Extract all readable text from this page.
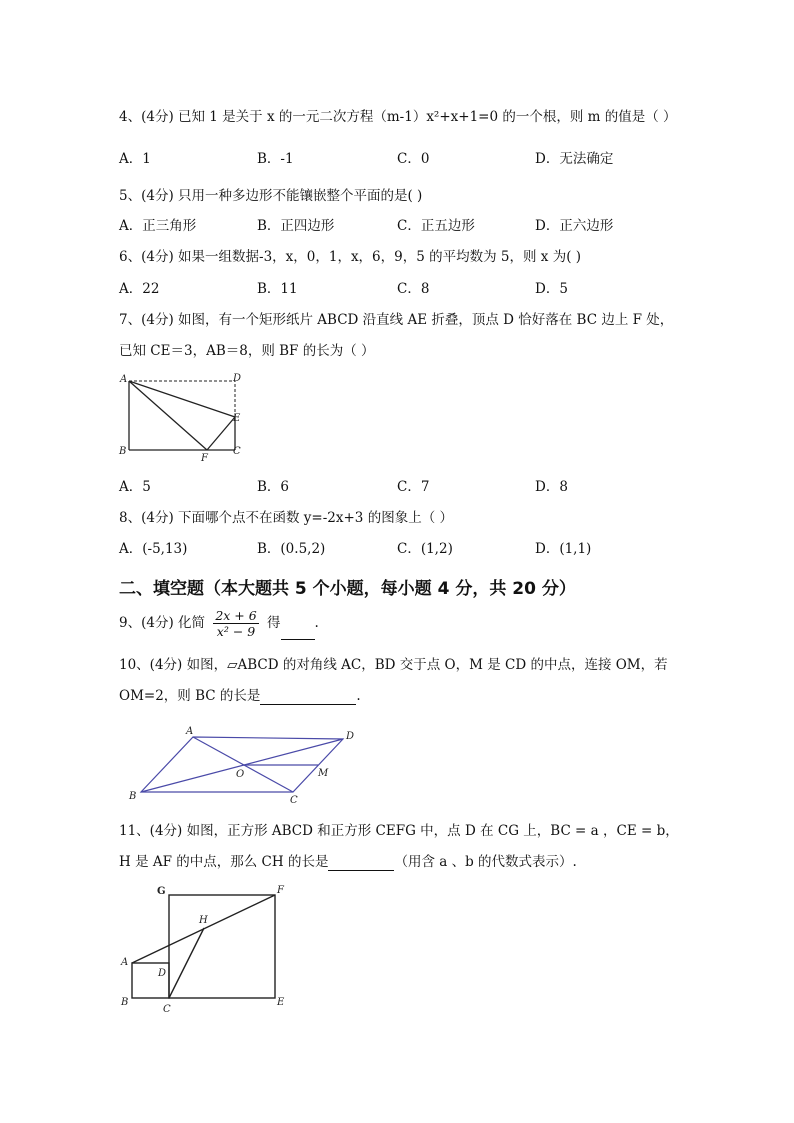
4、(4分) 已知 1 是关于 x 的一元二次方程（m-1）x²+x+1=0 的一个根，则 m 的值是（ ）
A．1	B．-1	C．0	D．无法确定
5、(4分) 只用一种多边形不能镶嵌整个平面的是( )
A．正三角形	B．正四边形	C．正五边形	D．正六边形
6、(4分) 如果一组数据-3，x，0，1，x，6，9，5 的平均数为 5，则 x 为( )
A．22	B．11	C．8	D．5
7、(4分) 如图，有一个矩形纸片 ABCD 沿直线 AE 折叠，顶点 D 恰好落在 BC 边上 F 处，
已知 CE＝3，AB＝8，则 BF 的长为（ ）
A	D
E
B
F
C
A．5	B．6	C．7	D．8
8、(4分) 下面哪个点不在函数 y=-2x+3 的图象上（ ）
A．(-5,13)	B．(0.5,2)	C．(1,2)	D．(1,1)
二、填空题（本大题共 5 个小题，每小题 4 分，共 20 分）
9、(4分) 化简 $\frac{2x + 6}{\text{x² − 9}}$ 得	.
10、(4分) 如图，▱ABCD 的对角线 AC，BD 交于点 O，M 是 CD 的中点，连接 OM，若
OM=2，则 BC 的长是	.
A	D
O	M
B	C
11、(4分) 如图，正方形 ABCD 和正方形 CEFG 中，点 D 在 CG 上，BC = a ，CE = b，
H 是 AF 的中点，那么 CH 的长是	（用含 a 、b 的代数式表示）.
G	F
H
A
D
B
C
E
